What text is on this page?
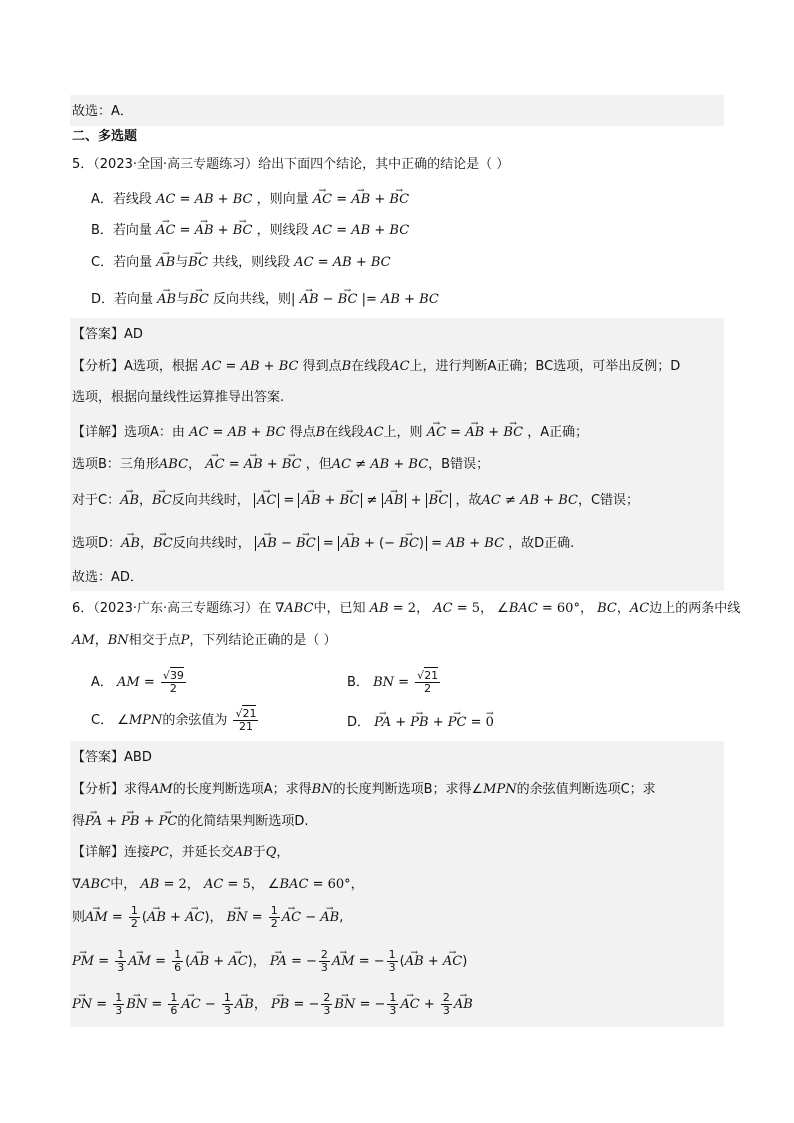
故选：A．
二、多选题
5．（2023·全国·高三专题练习）给出下面四个结论，其中正确的结论是（ ）
A．若线段 AC = AB + BC ，则向量 → AC = → AB + → BC
B．若向量 → AC = → AB + → BC ，则线段 AC = AB + BC
C．若向量 → AB与→ BC 共线，则线段 AC = AB + BC
D．若向量 → AB与→ BC 反向共线，则| → AB − → BC |= AB + BC
【答案】AD
【分析】A选项，根据 AC = AB + BC 得到点B在线段AC上，进行判断A正确；BC选项，可举出反例；D
选项，根据向量线性运算推导出答案.
【详解】选项A：由 AC = AB + BC 得点B在线段AC上，则 → AC = → AB + → BC ，A正确；
选项B：三角形ABC， → AC = → AB + → BC ，但AC ≠ AB + BC，B错误；
对于C：→ AB，→ BC反向共线时， → AC = → AB + → BC ≠ → AB + → BC ，故AC ≠ AB + BC，C错误；
选项D：→ AB，→ BC反向共线时， → AB − → BC = → AB + (− → BC) = AB + BC ，故D正确.
故选：AD．
6．（2023·广东·高三专题练习）在 ∇ABC中，已知 AB = 2， AC = 5， ∠BAC = 60°， BC，AC边上的两条中线
AM，BN相交于点P，下列结论正确的是（ ）
A． AM = $\frac{√39}{2}$	B． BN = $\frac{√21}{2}$
C． ∠MPN的余弦值为 $\frac{√21}{21}$	D． → PA + → PB + → PC = → 0
【答案】ABD
【分析】求得AM的长度判断选项A；求得BN的长度判断选项B；求得∠MPN的余弦值判断选项C；求
得→ PA + → PB + → PC的化简结果判断选项D.
【详解】连接PC，并延长交AB于Q，
∇ABC中， AB = 2， AC = 5， ∠BAC = 60°，
则→ AM = $\frac{1}{2}$ (→ AB + → AC)， → BN = $\frac{1}{2}$ → AC − → AB,
→ PM = $\frac{1}{3}$ → AM = $\frac{1}{6}$ (→ AB + → AC)， → PA = − $\frac{2}{3}$ → AM = − $\frac{1}{3}$ (→ AB + → AC)
→ PN = $\frac{1}{3}$ → BN = $\frac{1}{6}$ → AC − $\frac{1}{3}$ → AB， → PB = − $\frac{2}{3}$ → BN = − $\frac{1}{3}$ → AC + $\frac{2}{3}$ → AB
